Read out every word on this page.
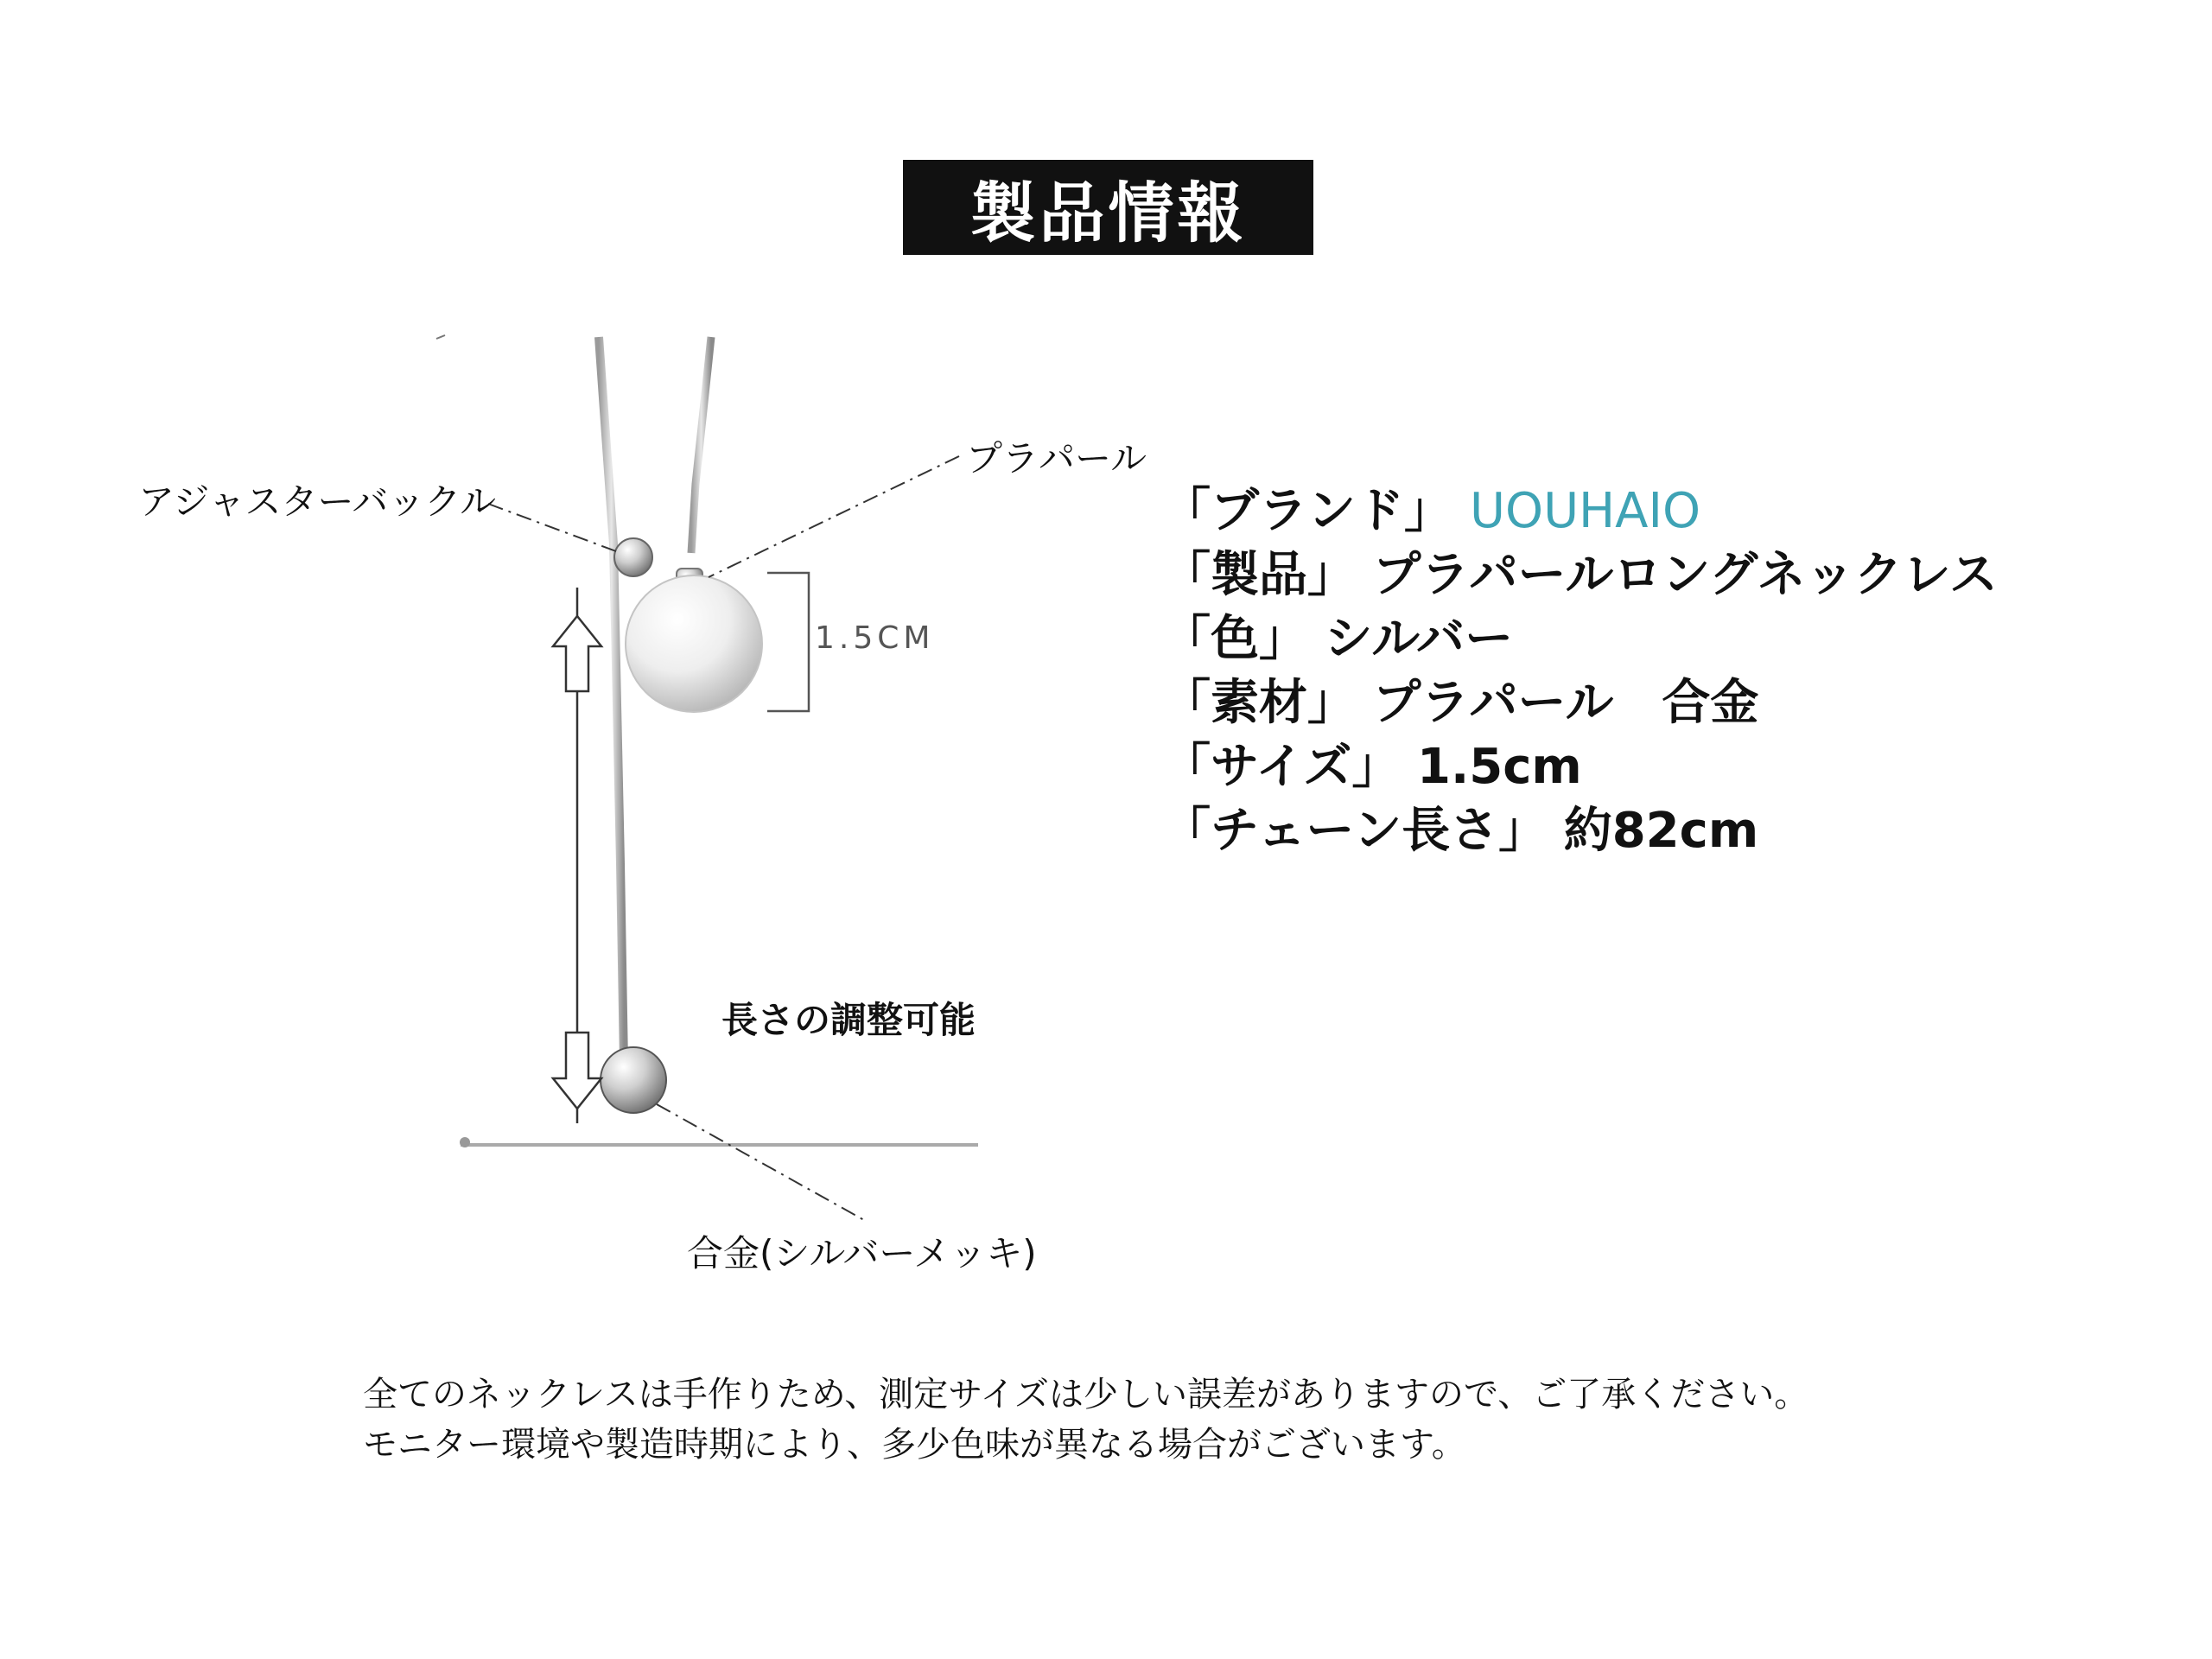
製品情報
アジャスターバックル
プラパール
1.5CM
長さの調整可能
合金(シルバーメッキ)
「ブランド」 UOUHAIO
「製品」 プラパールロングネックレス
「色」 シルバー
「素材」 プラパール　合金
「サイズ」 1.5cm
「チェーン長さ」 約82cm
全てのネックレスは手作りため、測定サイズは少しい誤差がありますので、ご了承ください。
モニター環境や製造時期により、多少色味が異なる場合がございます。
